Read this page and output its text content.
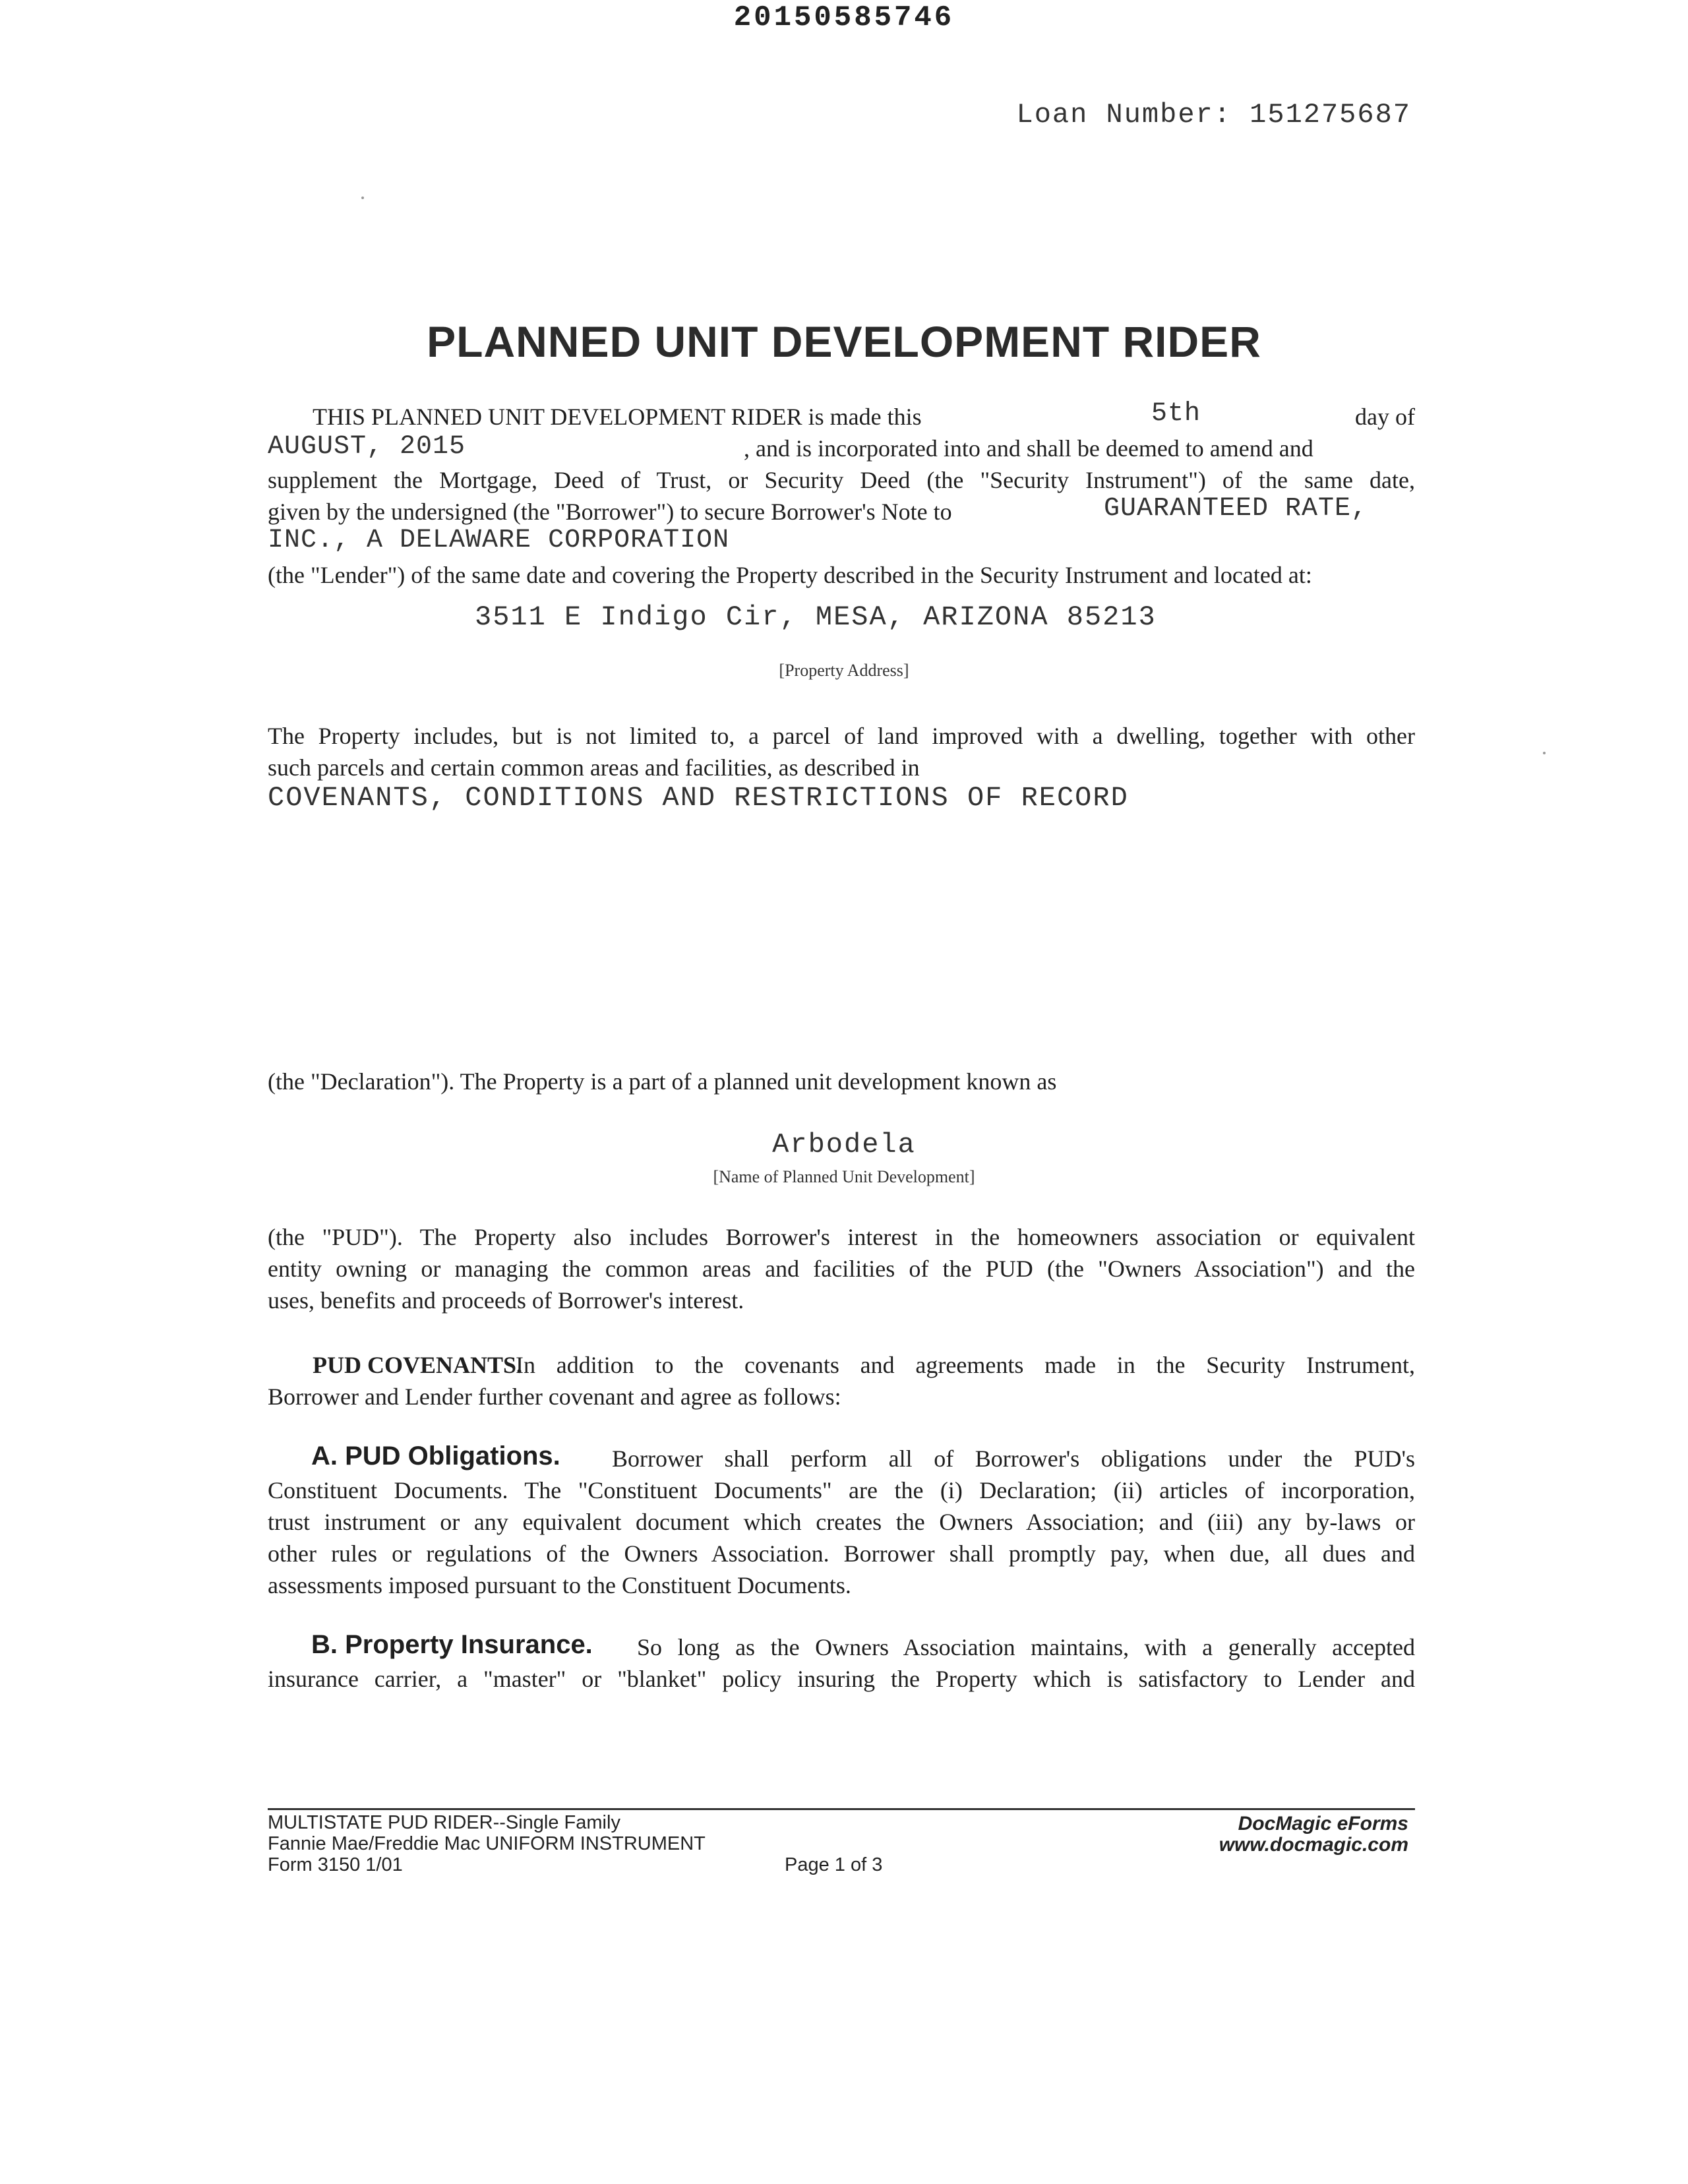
20150585746
Loan Number: 151275687
PLANNED UNIT DEVELOPMENT RIDER
THIS PLANNED UNIT DEVELOPMENT RIDER is made this	5th	day of
AUGUST, 2015	, and is incorporated into and shall be deemed to amend and
supplement the Mortgage, Deed of Trust, or Security Deed (the "Security Instrument") of the same date,
given by the undersigned (the "Borrower") to secure Borrower's Note to	GUARANTEED RATE,
INC., A DELAWARE CORPORATION
(the "Lender") of the same date and covering the Property described in the Security Instrument and located at:
3511 E Indigo Cir, MESA, ARIZONA 85213
[Property Address]
The Property includes, but is not limited to, a parcel of land improved with a dwelling, together with other
such parcels and certain common areas and facilities, as described in
COVENANTS, CONDITIONS AND RESTRICTIONS OF RECORD
(the "Declaration"). The Property is a part of a planned unit development known as
Arbodela
[Name of Planned Unit Development]
(the "PUD"). The Property also includes Borrower's interest in the homeowners association or equivalent
entity owning or managing the common areas and facilities of the PUD (the "Owners Association") and the
uses, benefits and proceeds of Borrower's interest.
PUD COVENANTS.
In addition to the covenants and agreements made in the Security Instrument,
Borrower and Lender further covenant and agree as follows:
A. PUD Obligations. Borrower shall perform all of Borrower's obligations under the PUD's
Constituent Documents. The "Constituent Documents" are the (i) Declaration; (ii) articles of incorporation,
trust instrument or any equivalent document which creates the Owners Association; and (iii) any by-laws or
other rules or regulations of the Owners Association. Borrower shall promptly pay, when due, all dues and
assessments imposed pursuant to the Constituent Documents.
B. Property Insurance. So long as the Owners Association maintains, with a generally accepted
insurance carrier, a "master" or "blanket" policy insuring the Property which is satisfactory to Lender and
MULTISTATE PUD RIDER--Single Family
Fannie Mae/Freddie Mac UNIFORM INSTRUMENT
Form 3150 1/01	Page 1 of 3
DocMagic eForms
www.docmagic.com
